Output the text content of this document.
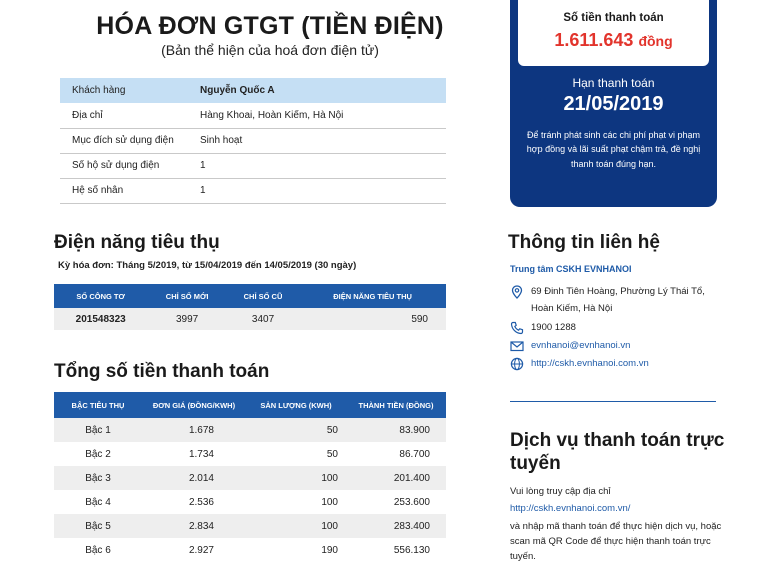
HÓA ĐƠN GTGT (TIỀN ĐIỆN)
(Bản thể hiện của hoá đơn điện tử)
Khách hàng	Nguyễn Quốc A
Địa chỉ	Hàng Khoai, Hoàn Kiếm, Hà Nội
Mục đích sử dụng điện	Sinh hoạt
Số hộ sử dụng điện	1
Hệ số nhân	1
Điện năng tiêu thụ
Kỳ hóa đơn: Tháng 5/2019, từ 15/04/2019 đến 14/05/2019 (30 ngày)
SỐ CÔNG TƠ	CHỈ SỐ MỚI	CHỈ SỐ CŨ	ĐIỆN NĂNG TIÊU THỤ
201548323	3997	3407	590
Tổng số tiền thanh toán
BẬC TIÊU THỤ	ĐƠN GIÁ (ĐỒNG/KWH)	SẢN LƯỢNG (KWH)	THÀNH TIỀN (ĐỒNG)
Bậc 1	1.678	50	83.900
Bậc 2	1.734	50	86.700
Bậc 3	2.014	100	201.400
Bậc 4	2.536	100	253.600
Bậc 5	2.834	100	283.400
Bậc 6	2.927	190	556.130
Số tiền thanh toán
1.611.643 đồng
Hạn thanh toán
21/05/2019
Để tránh phát sinh các chi phí phạt vi phạm hợp đồng và lãi suất phạt chậm trả, đề nghị thanh toán đúng hạn.
Thông tin liên hệ
Trung tâm CSKH EVNHANOI
69 Đinh Tiên Hoàng, Phường Lý Thái Tổ, Hoàn Kiếm, Hà Nội
1900 1288
evnhanoi@evnhanoi.vn
http://cskh.evnhanoi.com.vn
Dịch vụ thanh toán trực tuyến
Vui lòng truy cập địa chỉ
http://cskh.evnhanoi.com.vn/
và nhập mã thanh toán để thực hiện dịch vụ, hoặc scan mã QR Code để thực hiện thanh toán trực tuyến.
